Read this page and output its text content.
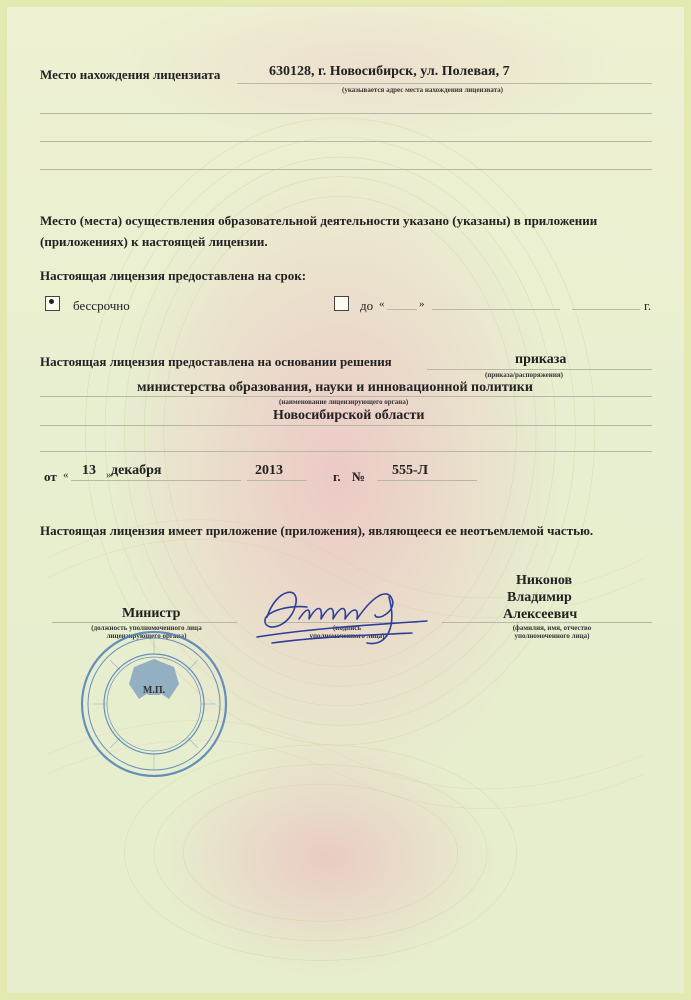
Место нахождения лицензиата	630128, г. Новосибирск, ул. Полевая, 7
(указывается адрес места нахождения лицензиата)
Место (места) осуществления образовательной деятельности указано (указаны) в приложении
(приложениях) к настоящей лицензии.
Настоящая лицензия предоставлена на срок:
бессрочно	до «	»	г.
Настоящая лицензия предоставлена на основании решения	приказа
(приказа/распоряжения)
министерства образования, науки и инновационной политики
(наименование лицензирующего органа)
Новосибирской области
от « 13 » декабря	2013	г. № 555-Л
Настоящая лицензия имеет приложение (приложения), являющееся ее неотъемлемой частью.
Министр
(должность уполномоченного лица
лицензирующего органа)
(подпись
уполномоченного лица)
Никонов
Владимир
Алексеевич
(фамилия, имя, отчество
уполномоченного лица)
М.П.
